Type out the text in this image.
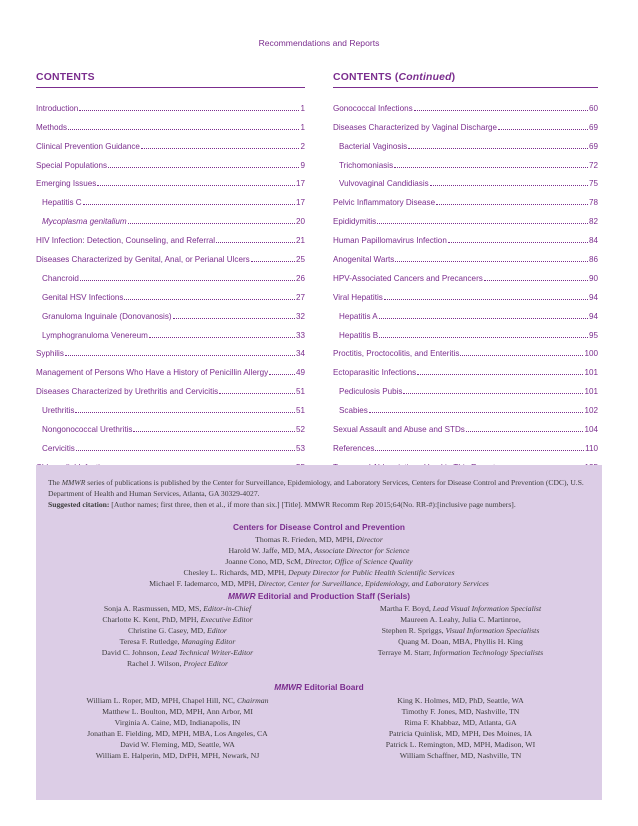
Recommendations and Reports
CONTENTS
Introduction	1
Methods	1
Clinical Prevention Guidance	2
Special Populations	9
Emerging Issues	17
Hepatitis C	17
Mycoplasma genitalium	20
HIV Infection: Detection, Counseling, and Referral	21
Diseases Characterized by Genital, Anal, or Perianal Ulcers	25
Chancroid	26
Genital HSV Infections	27
Granuloma Inguinale (Donovanosis)	32
Lymphogranuloma Venereum	33
Syphilis	34
Management of Persons Who Have a History of Penicillin Allergy	49
Diseases Characterized by Urethritis and Cervicitis	51
Urethritis	51
Nongonococcal Urethritis	52
Cervicitis	53
CONTENTS (Continued)
Gonococcal Infections	60
Diseases Characterized by Vaginal Discharge	69
Bacterial Vaginosis	69
Trichomoniasis	72
Vulvovaginal Candidiasis	75
Pelvic Inflammatory Disease	78
Epididymitis	82
Human Papillomavirus Infection	84
Anogenital Warts	86
HPV-Associated Cancers and Precancers	90
Viral Hepatitis	94
Hepatitis A	94
Hepatitis B	95
Proctitis, Proctocolitis, and Enteritis	100
Ectoparasitic Infections	101
Pediculosis Pubis	101
Scabies	102
Sexual Assault and Abuse and STDs	104
References	110
The MMWR series of publications is published by the Center for Surveillance, Epidemiology, and Laboratory Services, Centers for Disease Control and Prevention (CDC), U.S. Department of Health and Human Services, Atlanta, GA 30329-4027.
Suggested citation: [Author names; first three, then et al., if more than six.] [Title]. MMWR Recomm Rep 2015;64(No. RR-#):[inclusive page numbers].
Centers for Disease Control and Prevention
Thomas R. Frieden, MD, MPH, Director
Harold W. Jaffe, MD, MA, Associate Director for Science
Joanne Cono, MD, ScM, Director, Office of Science Quality
Chesley L. Richards, MD, MPH, Deputy Director for Public Health Scientific Services
Michael F. Iademarco, MD, MPH, Director, Center for Surveillance, Epidemiology, and Laboratory Services
MMWR Editorial and Production Staff (Serials)
Sonja A. Rasmussen, MD, MS, Editor-in-Chief
Charlotte K. Kent, PhD, MPH, Executive Editor
Christine G. Casey, MD, Editor
Teresa F. Rutledge, Managing Editor
David C. Johnson, Lead Technical Writer-Editor
Rachel J. Wilson, Project Editor
Martha F. Boyd, Lead Visual Information Specialist
Maureen A. Leahy, Julia C. Martinroe,
Stephen R. Spriggs, Visual Information Specialists
Quang M. Doan, MBA, Phyllis H. King
Terraye M. Starr, Information Technology Specialists
MMWR Editorial Board
William L. Roper, MD, MPH, Chapel Hill, NC, Chairman
Matthew L. Boulton, MD, MPH, Ann Arbor, MI
Virginia A. Caine, MD, Indianapolis, IN
Jonathan E. Fielding, MD, MPH, MBA, Los Angeles, CA
David W. Fleming, MD, Seattle, WA
William E. Halperin, MD, DrPH, MPH, Newark, NJ
King K. Holmes, MD, PhD, Seattle, WA
Timothy F. Jones, MD, Nashville, TN
Rima F. Khabbaz, MD, Atlanta, GA
Patricia Quinlisk, MD, MPH, Des Moines, IA
Patrick L. Remington, MD, MPH, Madison, WI
William Schaffner, MD, Nashville, TN
